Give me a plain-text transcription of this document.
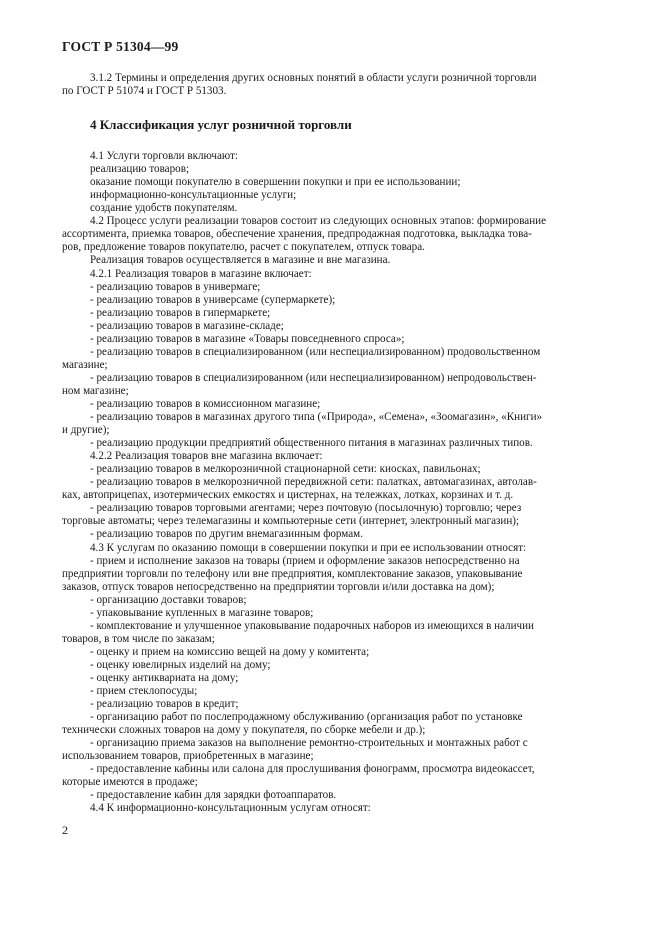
ГОСТ Р 51304—99

3.1.2 Термины и определения других основных понятий в области услуги розничной торговли

по ГОСТ Р 51074 и ГОСТ Р 51303.

4 Классификация услуг розничной торговли

4.1 Услуги торговли включают:

реализацию товаров;

оказание помощи покупателю в совершении покупки и при ее использовании;

информационно-консультационные услуги;

создание удобств покупателям.

4.2 Процесс услуги реализации товаров состоит из следующих основных этапов: формирование

ассортимента, приемка товаров, обеспечение хранения, предпродажная подготовка, выкладка това-

ров, предложение товаров покупателю, расчет с покупателем, отпуск товара.

Реализация товаров осуществляется в магазине и вне магазина.

4.2.1 Реализация товаров в магазине включает:

- реализацию товаров в универмаге;

- реализацию товаров в универсаме (супермаркете);

- реализацию товаров в гипермаркете;

- реализацию товаров в магазине-складе;

- реализацию товаров в магазине «Товары повседневного спроса»;

- реализацию товаров в специализированном (или неспециализированном) продовольственном

магазине;

- реализацию товаров в специализированном (или неспециализированном) непродовольствен-

ном магазине;

- реализацию товаров в комиссионном магазине;

- реализацию товаров в магазинах другого типа («Природа», «Семена», «Зоомагазин», «Книги»

и другие);

- реализацию продукции предприятий общественного питания в магазинах различных типов.

4.2.2 Реализация товаров вне магазина включает:

- реализацию товаров в мелкорозничной стационарной сети: киосках, павильонах;

- реализацию товаров в мелкорозничной передвижной сети: палатках, автомагазинах, автолав-

ках, автоприцепах, изотермических емкостях и цистернах, на тележках, лотках, корзинах и т. д.

- реализацию товаров торговыми агентами; через почтовую (посылочную) торговлю; через

торговые автоматы; через телемагазины и компьютерные сети (интернет, электронный магазин);

- реализацию товаров по другим внемагазинным формам.

4.3 К услугам по оказанию помощи в совершении покупки и при ее использовании относят:

- прием и исполнение заказов на товары (прием и оформление заказов непосредственно на

предприятии торговли по телефону или вне предприятия, комплектование заказов, упаковывание

заказов, отпуск товаров непосредственно на предприятии торговли и/или доставка на дом);

- организацию доставки товаров;

- упаковывание купленных в магазине товаров;

- комплектование и улучшенное упаковывание подарочных наборов из имеющихся в наличии

товаров, в том числе по заказам;

- оценку и прием на комиссию вещей на дому у комитента;

- оценку ювелирных изделий на дому;

- оценку антиквариата на дому;

- прием стеклопосуды;

- реализацию товаров в кредит;

- организацию работ по послепродажному обслуживанию (организация работ по установке

технически сложных товаров на дому у покупателя, по сборке мебели и др.);

- организацию приема заказов на выполнение ремонтно-строительных и монтажных работ с

использованием товаров, приобретенных в магазине;

- предоставление кабины или салона для прослушивания фонограмм, просмотра видеокассет,

которые имеются в продаже;

- предоставление кабин для зарядки фотоаппаратов.

4.4 К информационно-консультационным услугам относят:

2
